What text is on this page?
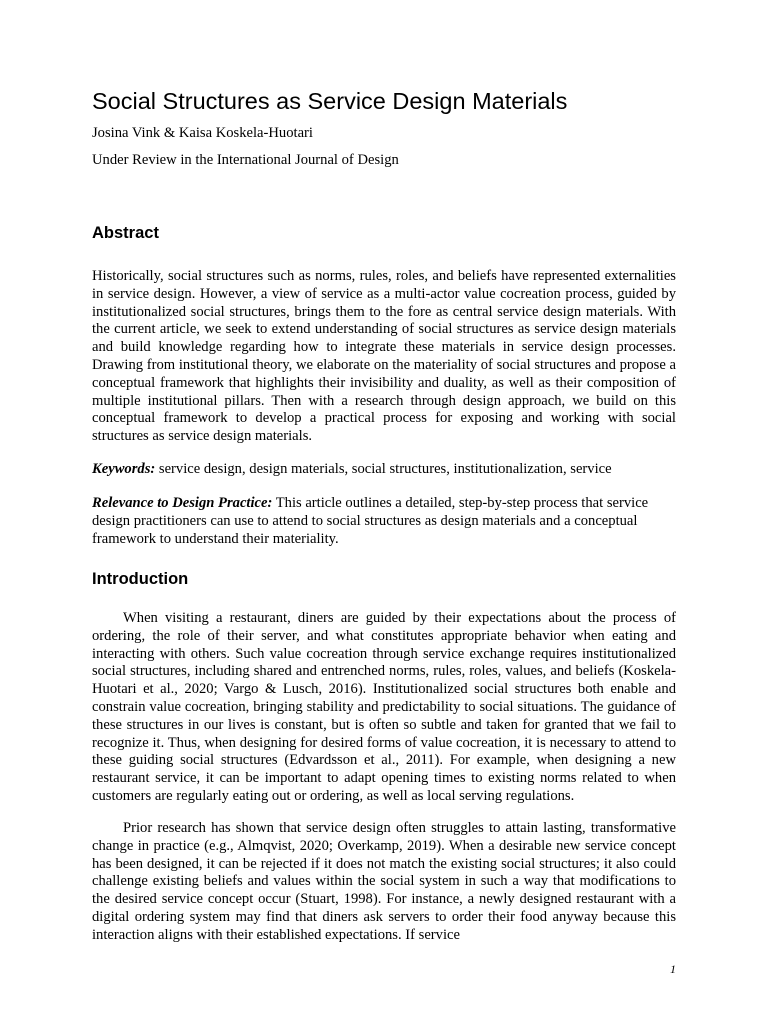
Social Structures as Service Design Materials

Josina Vink & Kaisa Koskela-Huotari

Under Review in the International Journal of Design

Abstract

Historically, social structures such as norms, rules, roles, and beliefs have represented externalities in service design. However, a view of service as a multi-actor value cocreation process, guided by institutionalized social structures, brings them to the fore as central service design materials. With the current article, we seek to extend understanding of social structures as service design materials and build knowledge regarding how to integrate these materials in service design processes. Drawing from institutional theory, we elaborate on the materiality of social structures and propose a conceptual framework that highlights their invisibility and duality, as well as their composition of multiple institutional pillars. Then with a research through design approach, we build on this conceptual framework to develop a practical process for exposing and working with social structures as service design materials.

Keywords: service design, design materials, social structures, institutionalization, service

Relevance to Design Practice: This article outlines a detailed, step-by-step process that service design practitioners can use to attend to social structures as design materials and a conceptual framework to understand their materiality.

Introduction

When visiting a restaurant, diners are guided by their expectations about the process of ordering, the role of their server, and what constitutes appropriate behavior when eating and interacting with others. Such value cocreation through service exchange requires institutionalized social structures, including shared and entrenched norms, rules, roles, values, and beliefs (Koskela-Huotari et al., 2020; Vargo & Lusch, 2016). Institutionalized social structures both enable and constrain value cocreation, bringing stability and predictability to social situations. The guidance of these structures in our lives is constant, but is often so subtle and taken for granted that we fail to recognize it. Thus, when designing for desired forms of value cocreation, it is necessary to attend to these guiding social structures (Edvardsson et al., 2011). For example, when designing a new restaurant service, it can be important to adapt opening times to existing norms related to when customers are regularly eating out or ordering, as well as local serving regulations.

Prior research has shown that service design often struggles to attain lasting, transformative change in practice (e.g., Almqvist, 2020; Overkamp, 2019). When a desirable new service concept has been designed, it can be rejected if it does not match the existing social structures; it also could challenge existing beliefs and values within the social system in such a way that modifications to the desired service concept occur (Stuart, 1998). For instance, a newly designed restaurant with a digital ordering system may find that diners ask servers to order their food anyway because this interaction aligns with their established expectations. If service

1
